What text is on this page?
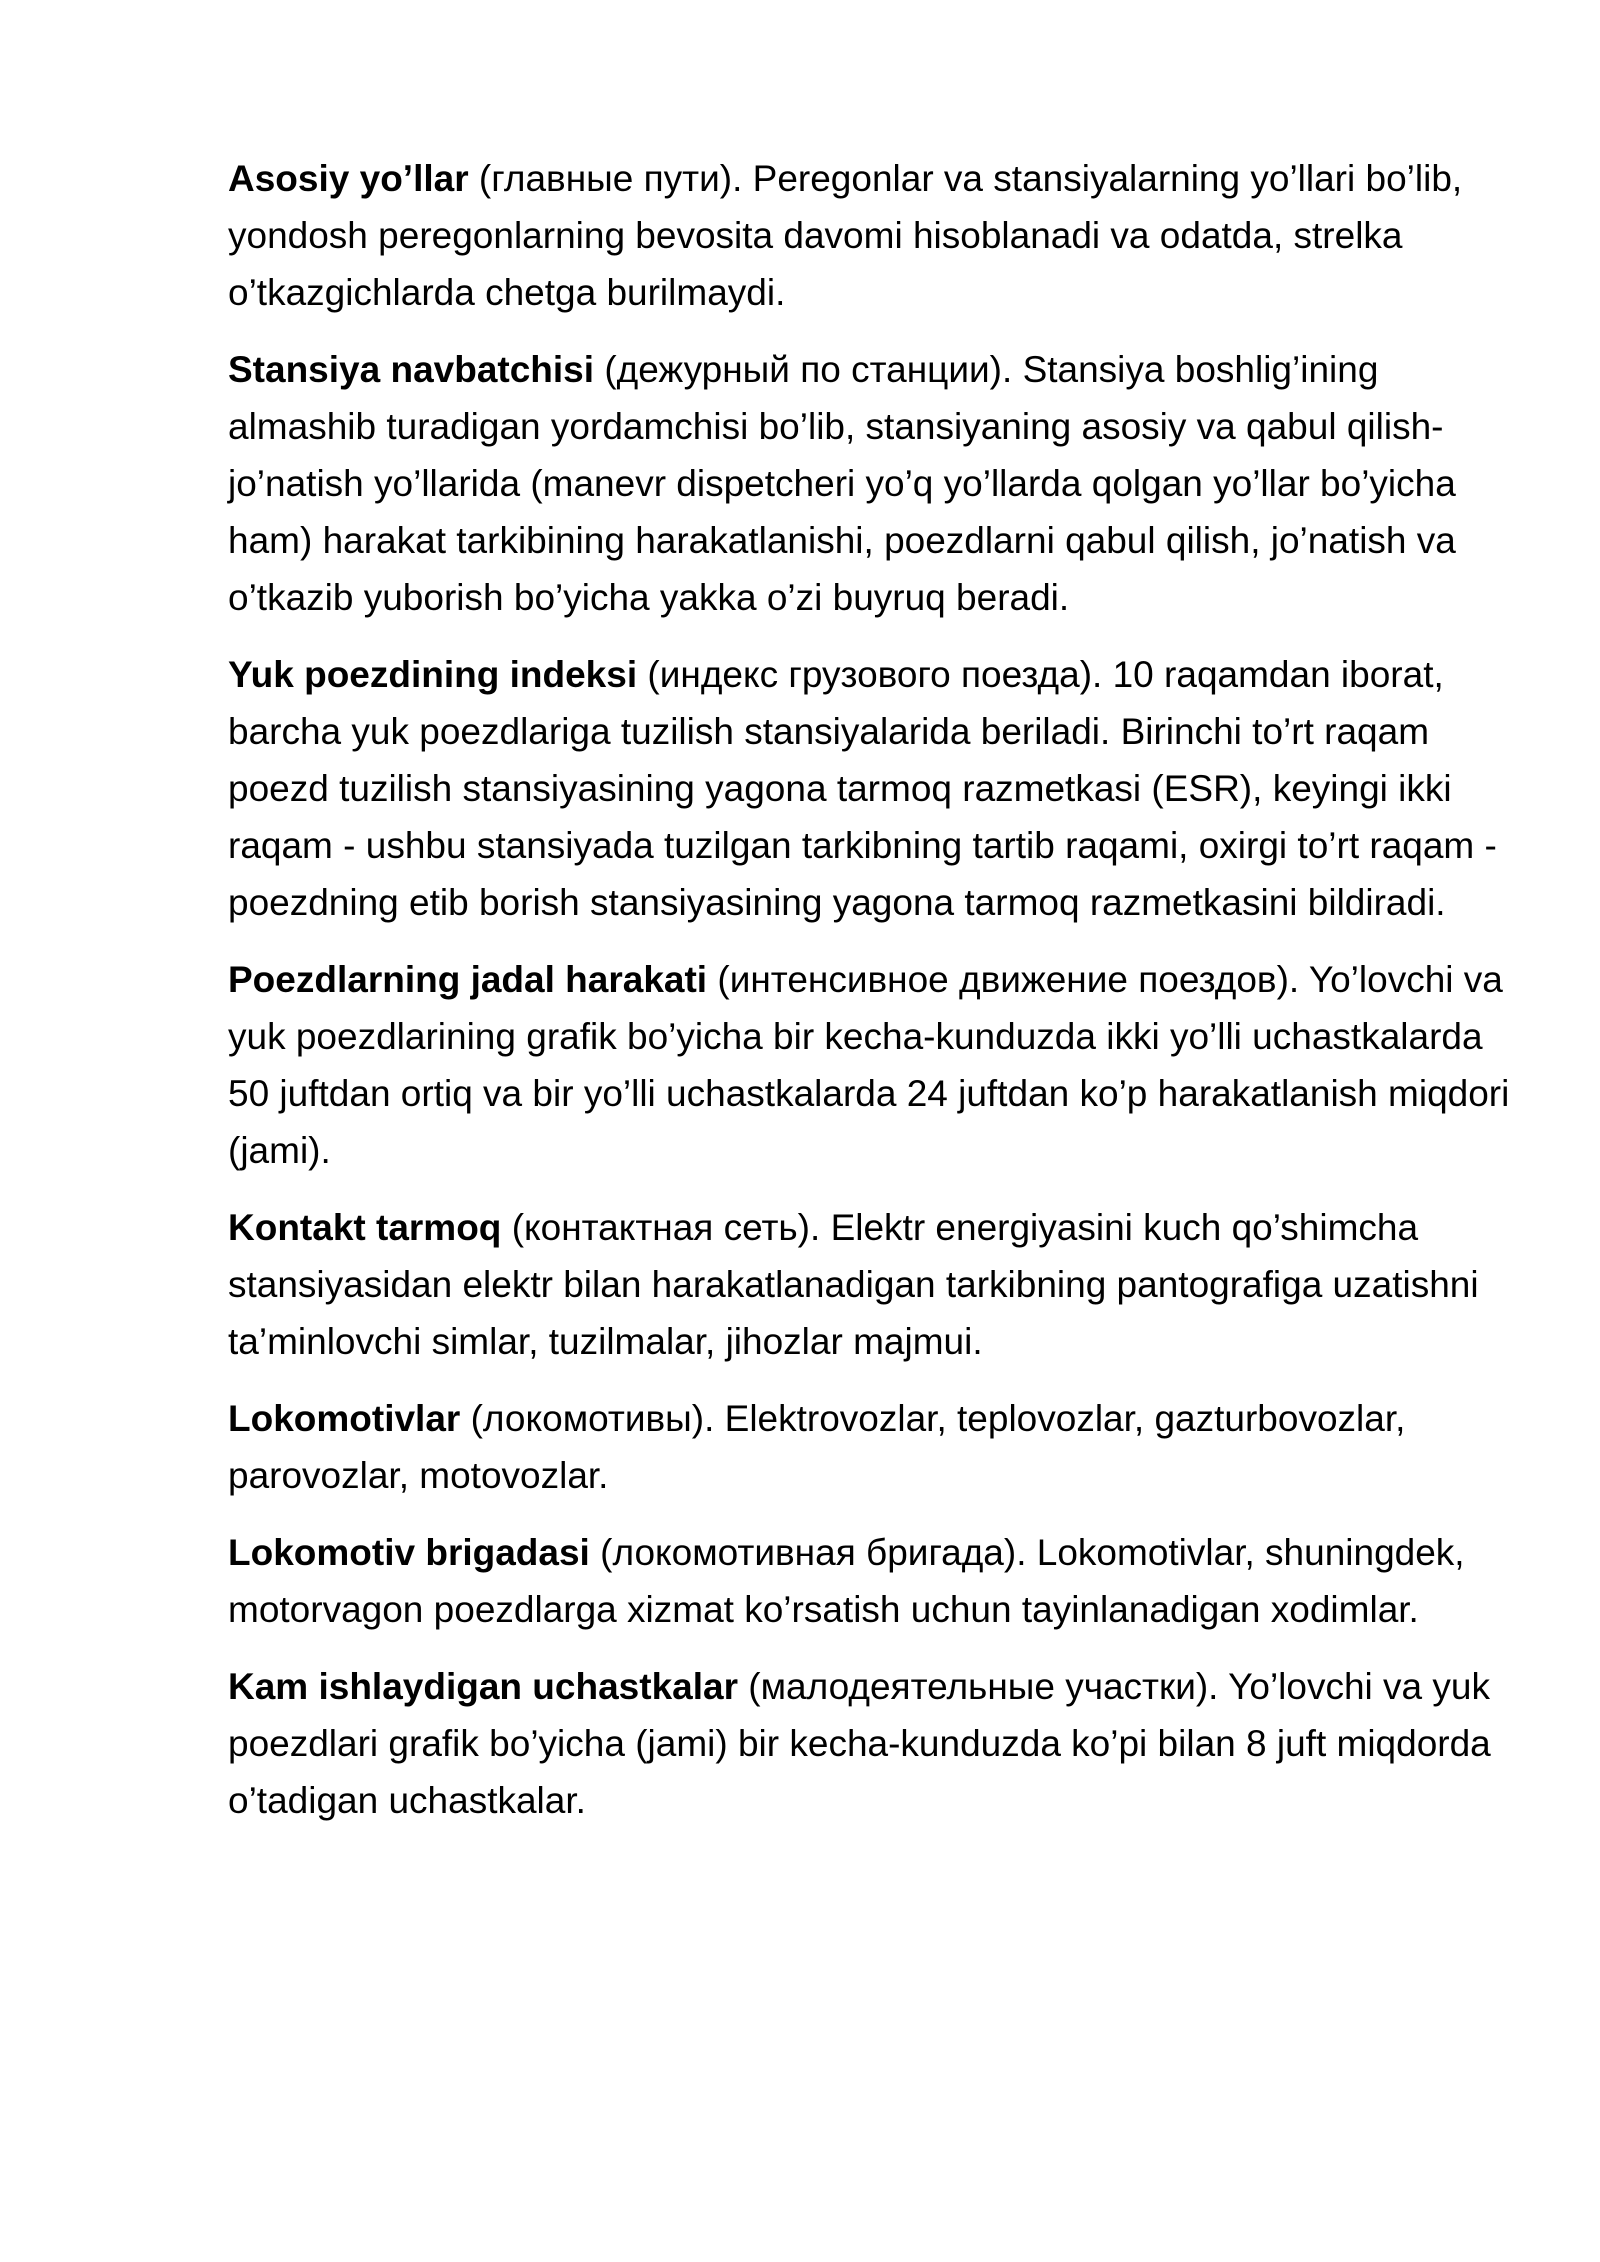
Asosiy yo’llar (главные пути). Peregonlar va stansiyalarning yo’llari bo’lib, yondosh peregonlarning bevosita davomi hisoblanadi va odatda, strelka o’tkazgichlarda chetga burilmaydi.

Stansiya navbatchisi (дежурный по станции). Stansiya boshlig’ining almashib turadigan yordamchisi bo’lib, stansiyaning asosiy va qabul qilish-jo’natish yo’llarida (manevr dispetcheri yo’q yo’llarda qolgan yo’llar bo’yicha ham) harakat tarkibining harakatlanishi, poezdlarni qabul qilish, jo’natish va o’tkazib yuborish bo’yicha yakka o’zi buyruq beradi.

Yuk poezdining indeksi (индекс грузового поезда). 10 raqamdan iborat, barcha yuk poezdlariga tuzilish stansiyalarida beriladi. Birinchi to’rt raqam poezd tuzilish stansiyasining yagona tarmoq razmetkasi (ESR), keyingi ikki raqam - ushbu stansiyada tuzilgan tarkibning tartib raqami, oxirgi to’rt raqam - poezdning etib borish stansiyasining yagona tarmoq razmetkasini bildiradi.

Poezdlarning jadal harakati (интенсивное движение поездов). Yo’lovchi va yuk poezdlarining grafik bo’yicha bir kecha-kunduzda ikki yo’lli uchastkalarda 50 juftdan ortiq va bir yo’lli uchastkalarda 24 juftdan ko’p harakatlanish miqdori (jami).

Kontakt tarmoq (контактная сеть). Elektr energiyasini kuch qo’shimcha stansiyasidan elektr bilan harakatlanadigan tarkibning pantografiga uzatishni ta’minlovchi simlar, tuzilmalar, jihozlar majmui.

Lokomotivlar (локомотивы). Elektrovozlar, teplovozlar, gazturbovozlar, parovozlar, motovozlar.

Lokomotiv brigadasi (локомотивная бригада). Lokomotivlar, shuningdek, motorvagon poezdlarga xizmat ko’rsatish uchun tayinlanadigan xodimlar.

Kam ishlaydigan uchastkalar (малодеятельные участки). Yo’lovchi va yuk poezdlari grafik bo’yicha (jami) bir kecha-kunduzda ko’pi bilan 8 juft miqdorda o’tadigan uchastkalar.
